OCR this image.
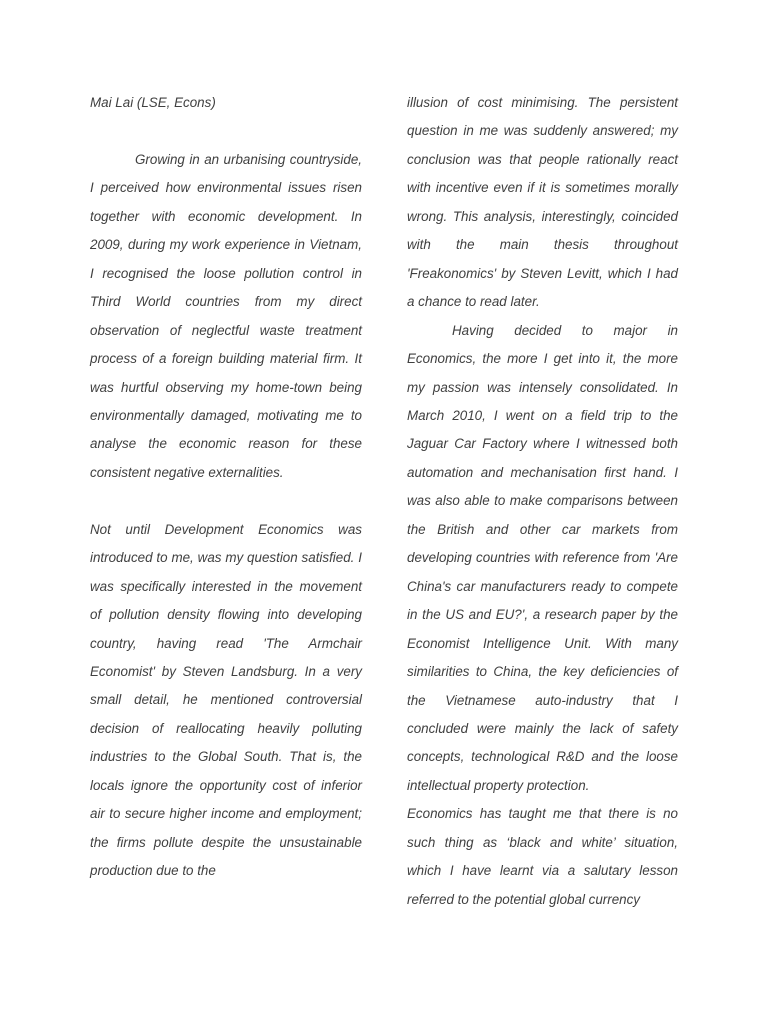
Mai Lai (LSE, Econs)

Growing in an urbanising countryside, I perceived how environmental issues risen together with economic development. In 2009, during my work experience in Vietnam, I recognised the loose pollution control in Third World countries from my direct observation of neglectful waste treatment process of a foreign building material firm. It was hurtful observing my home-town being environmentally damaged, motivating me to analyse the economic reason for these consistent negative externalities.

Not until Development Economics was introduced to me, was my question satisfied. I was specifically interested in the movement of pollution density flowing into developing country, having read 'The Armchair Economist' by Steven Landsburg. In a very small detail, he mentioned controversial decision of reallocating heavily polluting industries to the Global South. That is, the locals ignore the opportunity cost of inferior air to secure higher income and employment; the firms pollute despite the unsustainable production due to the

illusion of cost minimising. The persistent question in me was suddenly answered; my conclusion was that people rationally react with incentive even if it is sometimes morally wrong. This analysis, interestingly, coincided with the main thesis throughout 'Freakonomics' by Steven Levitt, which I had a chance to read later.

Having decided to major in Economics, the more I get into it, the more my passion was intensely consolidated. In March 2010, I went on a field trip to the Jaguar Car Factory where I witnessed both automation and mechanisation first hand. I was also able to make comparisons between the British and other car markets from developing countries with reference from 'Are China's car manufacturers ready to compete in the US and EU?', a research paper by the Economist Intelligence Unit. With many similarities to China, the key deficiencies of the Vietnamese auto-industry that I concluded were mainly the lack of safety concepts, technological R&D and the loose intellectual property protection.

Economics has taught me that there is no such thing as ‘black and white’ situation, which I have learnt via a salutary lesson referred to the potential global currency
